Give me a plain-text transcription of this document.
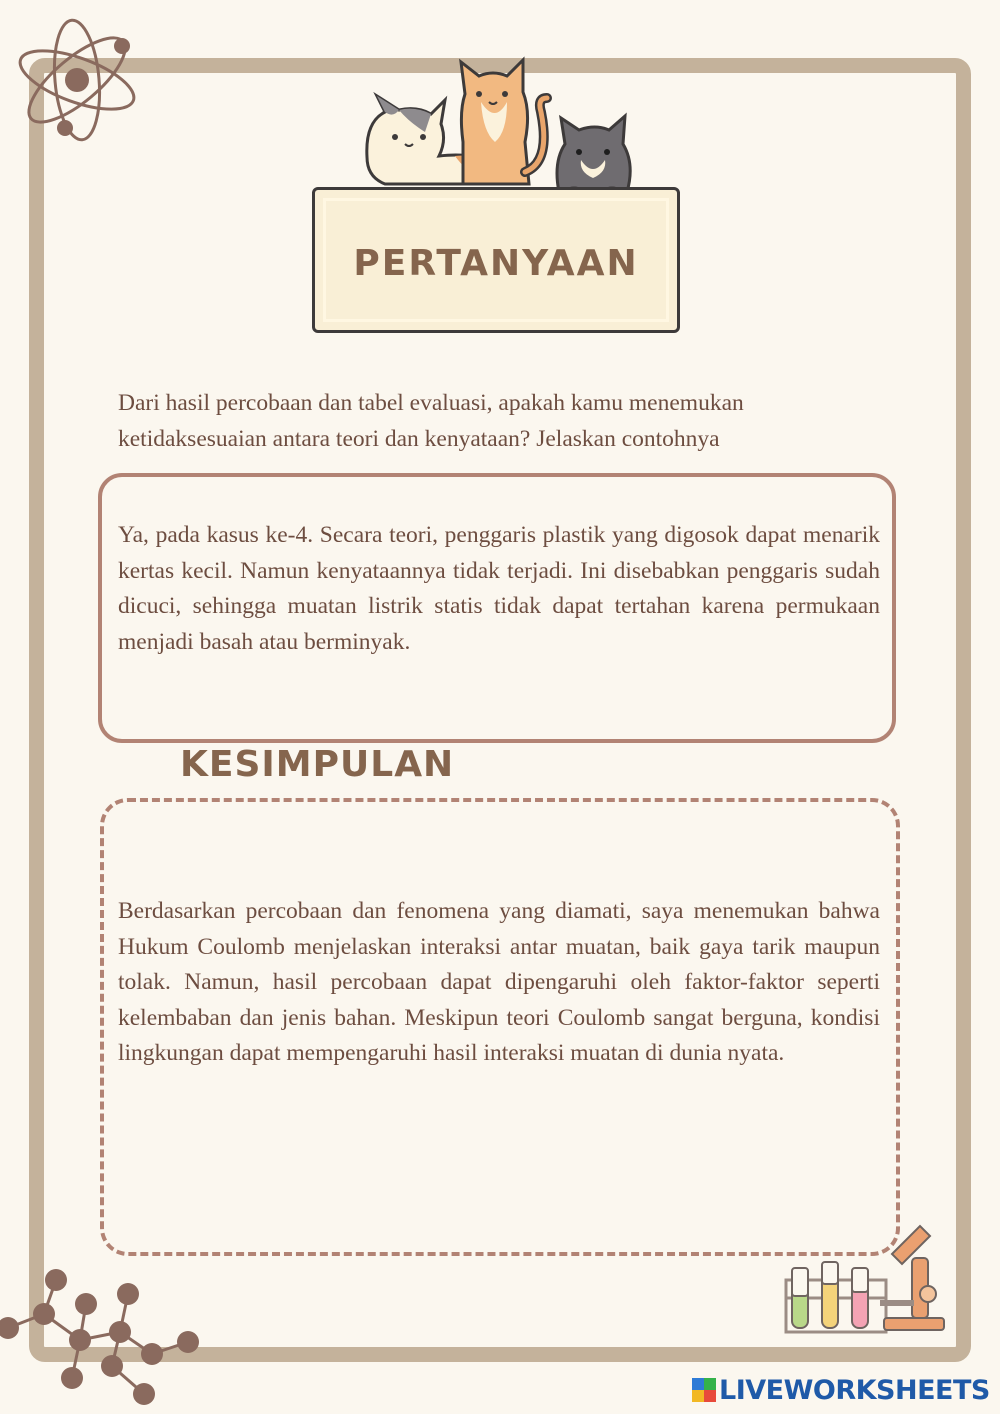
PERTANYAAN
Dari hasil percobaan dan tabel evaluasi, apakah kamu menemukan ketidaksesuaian antara teori dan kenyataan? Jelaskan contohnya
Ya, pada kasus ke-4. Secara teori, penggaris plastik yang digosok dapat menarik kertas kecil. Namun kenyataannya tidak terjadi. Ini disebabkan penggaris sudah dicuci, sehingga muatan listrik statis tidak dapat tertahan karena permukaan menjadi basah atau berminyak.
KESIMPULAN
Berdasarkan percobaan dan fenomena yang diamati, saya menemukan bahwa Hukum Coulomb menjelaskan interaksi antar muatan, baik gaya tarik maupun tolak. Namun, hasil percobaan dapat dipengaruhi oleh faktor-faktor seperti kelembaban dan jenis bahan. Meskipun teori Coulomb sangat berguna, kondisi lingkungan dapat mempengaruhi hasil interaksi muatan di dunia nyata.
LIVEWORKSHEETS
